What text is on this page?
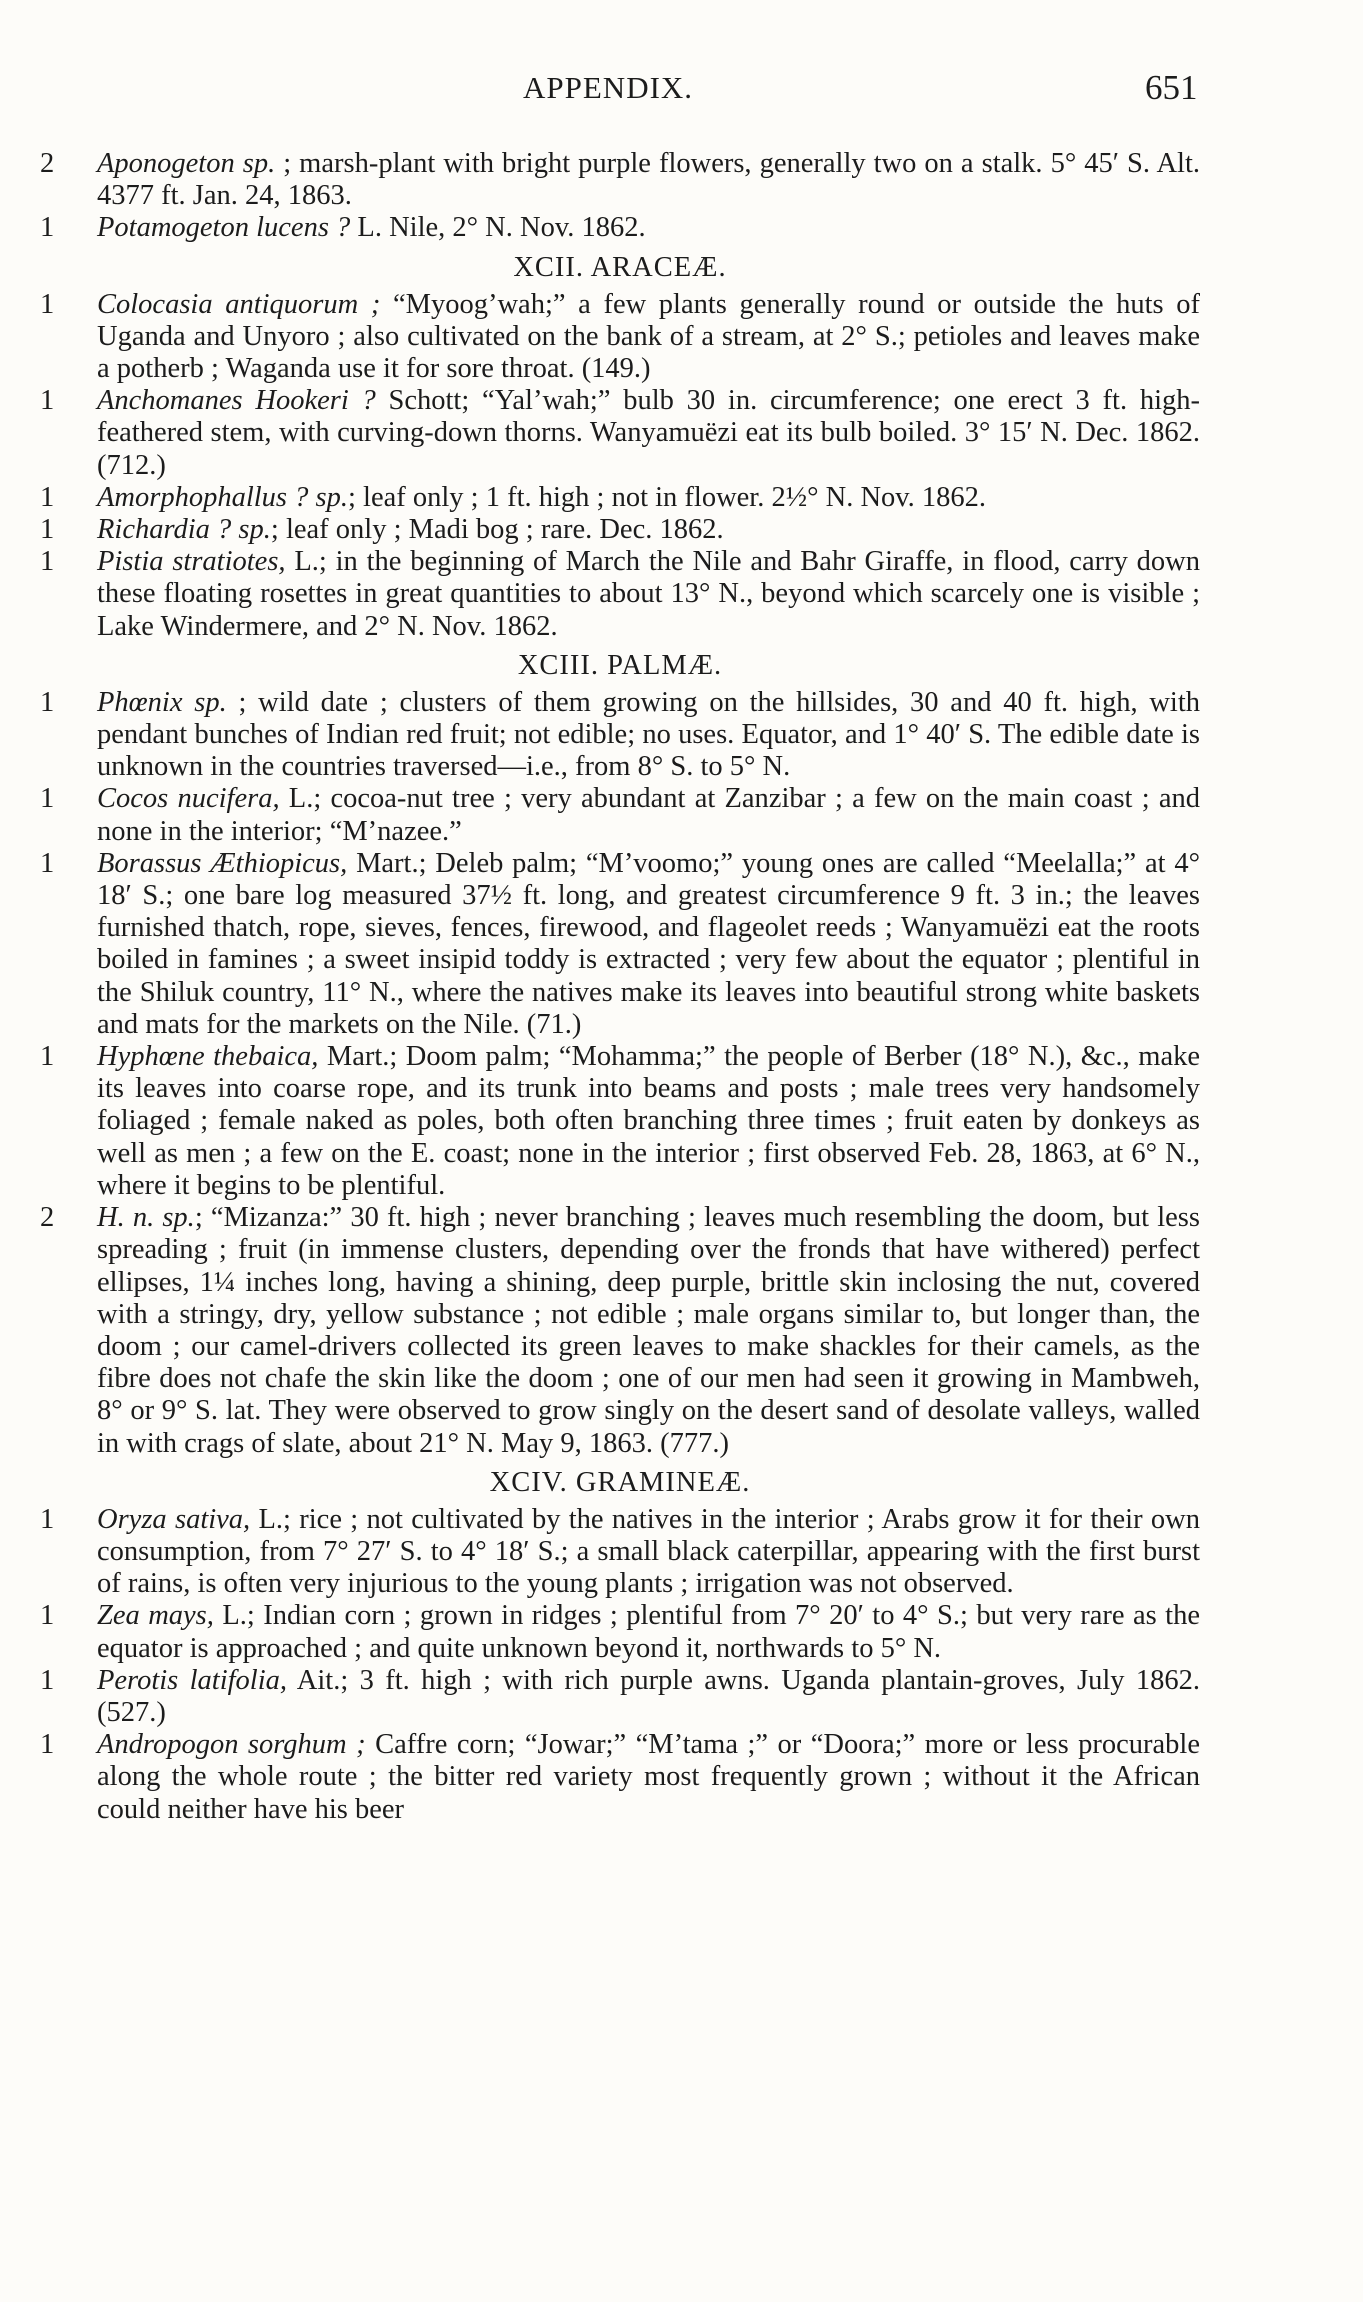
APPENDIX.	651

2	Aponogeton sp. ; marsh-plant with bright purple flowers, generally two on a stalk. 5° 45′ S. Alt. 4377 ft. Jan. 24, 1863.

1	Potamogeton lucens ? L. Nile, 2° N. Nov. 1862.

XCII. ARACEÆ.

1	Colocasia antiquorum ; “Myoog’wah;” a few plants generally round or outside the huts of Uganda and Unyoro ; also cultivated on the bank of a stream, at 2° S.; petioles and leaves make a potherb ; Waganda use it for sore throat. (149.)

1	Anchomanes Hookeri ? Schott; “Yal’wah;” bulb 30 in. circumference; one erect 3 ft. high-feathered stem, with curving-down thorns. Wanyamuëzi eat its bulb boiled. 3° 15′ N. Dec. 1862. (712.)

1	Amorphophallus ? sp.; leaf only ; 1 ft. high ; not in flower. 2½° N. Nov. 1862.

1	Richardia ? sp.; leaf only ; Madi bog ; rare. Dec. 1862.

1	Pistia stratiotes, L.; in the beginning of March the Nile and Bahr Giraffe, in flood, carry down these floating rosettes in great quantities to about 13° N., beyond which scarcely one is visible ; Lake Windermere, and 2° N. Nov. 1862.

XCIII. PALMÆ.

1	Phœnix sp. ; wild date ; clusters of them growing on the hillsides, 30 and 40 ft. high, with pendant bunches of Indian red fruit; not edible; no uses. Equator, and 1° 40′ S. The edible date is unknown in the countries traversed—i.e., from 8° S. to 5° N.

1	Cocos nucifera, L.; cocoa-nut tree ; very abundant at Zanzibar ; a few on the main coast ; and none in the interior; “M’nazee.”

1	Borassus Æthiopicus, Mart.; Deleb palm; “M’voomo;” young ones are called “Meelalla;” at 4° 18′ S.; one bare log measured 37½ ft. long, and greatest circumference 9 ft. 3 in.; the leaves furnished thatch, rope, sieves, fences, firewood, and flageolet reeds ; Wanyamuëzi eat the roots boiled in famines ; a sweet insipid toddy is extracted ; very few about the equator ; plentiful in the Shiluk country, 11° N., where the natives make its leaves into beautiful strong white baskets and mats for the markets on the Nile. (71.)

1	Hyphœne thebaica, Mart.; Doom palm; “Mohamma;” the people of Berber (18° N.), &c., make its leaves into coarse rope, and its trunk into beams and posts ; male trees very handsomely foliaged ; female naked as poles, both often branching three times ; fruit eaten by donkeys as well as men ; a few on the E. coast; none in the interior ; first observed Feb. 28, 1863, at 6° N., where it begins to be plentiful.

2	H. n. sp.; “Mizanza:” 30 ft. high ; never branching ; leaves much resembling the doom, but less spreading ; fruit (in immense clusters, depending over the fronds that have withered) perfect ellipses, 1¼ inches long, having a shining, deep purple, brittle skin inclosing the nut, covered with a stringy, dry, yellow substance ; not edible ; male organs similar to, but longer than, the doom ; our camel-drivers collected its green leaves to make shackles for their camels, as the fibre does not chafe the skin like the doom ; one of our men had seen it growing in Mambweh, 8° or 9° S. lat. They were observed to grow singly on the desert sand of desolate valleys, walled in with crags of slate, about 21° N. May 9, 1863. (777.)

XCIV. GRAMINEÆ.

1	Oryza sativa, L.; rice ; not cultivated by the natives in the interior ; Arabs grow it for their own consumption, from 7° 27′ S. to 4° 18′ S.; a small black caterpillar, appearing with the first burst of rains, is often very injurious to the young plants ; irrigation was not observed.

1	Zea mays, L.; Indian corn ; grown in ridges ; plentiful from 7° 20′ to 4° S.; but very rare as the equator is approached ; and quite unknown beyond it, northwards to 5° N.

1	Perotis latifolia, Ait.; 3 ft. high ; with rich purple awns. Uganda plantain-groves, July 1862. (527.)

1	Andropogon sorghum ; Caffre corn; “Jowar;” “M’tama ;” or “Doora;” more or less procurable along the whole route ; the bitter red variety most frequently grown ; without it the African could neither have his beer
